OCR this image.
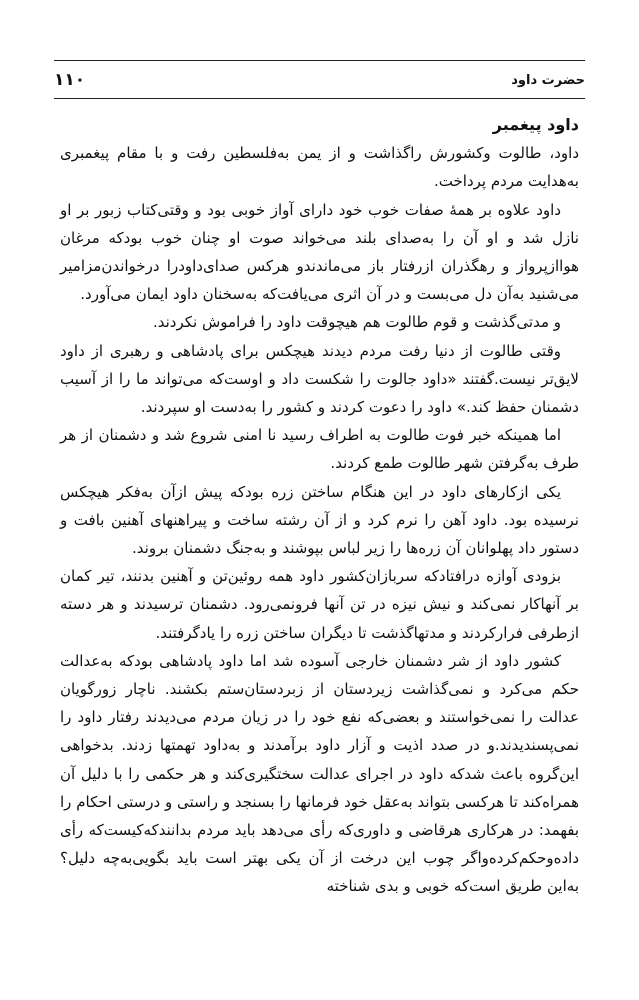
١١٠	حضرت داود

داود پیغمبر

داود، طالوت وکشورش راگذاشت و از یمن به‌فلسطین رفت و با مقام پیغمبری به‌هدایت مردم پرداخت.

داود علاوه بر همهٔ صفات خوب خود دارای آواز خوبی بود و وقتی‌کتاب زبور بر او نازل شد و او آن را به‌صدای بلند می‌خواند صوت او چنان خوب بود‌که مرغان هوا‌ازپرواز و رهگذران از‌رفتار باز می‌ماندند‌و هرکس صدای‌داود‌را درخواندن‌مزامیر می‌شنید به‌آن دل می‌بست و در آن اثری می‌یافت‌که به‌سخنان داود ایمان می‌آورد.

و مدتی‌گذشت و قوم طالوت هم هیچوقت داود را فراموش نکردند.

وقتی طالوت از دنیا رفت مردم دیدند هیچکس برای پادشاهی و رهبری از داود لایق‌تر نیست.گفتند «داود جالوت را شکست داد و اوست‌که می‌تواند ما را از آسیب دشمنان حفظ کند.» داود را دعوت کردند و کشور را به‌دست او سپردند.

اما همینکه خبر فوت طالوت به اطراف رسید نا امنی شروع شد و دشمنان از هر طرف به‌گرفتن شهر طالوت طمع کردند.

یکی از‌کارهای داود در این هنگام ساختن زره بود‌که پیش ازآن به‌فکر هیچکس نرسیده بود. داود آهن را نرم کرد و از آن رشته ساخت و پیراهنهای آهنین بافت و دستور داد پهلوانان آن زره‌ها را زیر لباس بپوشند و به‌جنگ دشمنان بروند.

بزودی آوازه درافتاد‌که سربازان‌کشور داود همه روئین‌تن و آهنین بدنند، تیر کمان بر آنها‌کار نمی‌کند و نیش نیزه در تن آنها فرونمی‌رود. دشمنان ترسیدند و هر دسته از‌طرفی فرار‌کردند و مدتها‌گذشت تا دیگران ساختن زره را یادگرفتند.

کشور داود از شر دشمنان خارجی آسوده شد اما داود پادشاهی بود‌که به‌عدالت حکم می‌کرد و نمی‌گذاشت زیردستان از زبردستان‌ستم بکشند. ناچار زورگویان عدالت را نمی‌خواستند و بعضی‌که نفع خود را در زیان مردم می‌دیدند رفتار داود را نمی‌پسندیدند.و در صدد اذیت و آزار داود برآمدند و به‌داود تهمتها زدند. بدخواهی این‌گروه باعث شد‌که داود در اجرای عدالت سختگیری‌کند و هر حکمی را با دلیل آن همراه‌کند تا هرکسی بتواند به‌عقل خود فرمانها را بسنجد و راستی و درستی احکام را بفهمد: در هرکاری هرقاضی و داوری‌که رأی می‌دهد باید مردم بدانند‌که‌کیست‌که رأی داده‌وحکم‌کرده‌واگر چوب این درخت از آن یکی بهتر است باید بگویی‌به‌چه دلیل؟ به‌این طریق است‌که خوبی و بدی شناخته
